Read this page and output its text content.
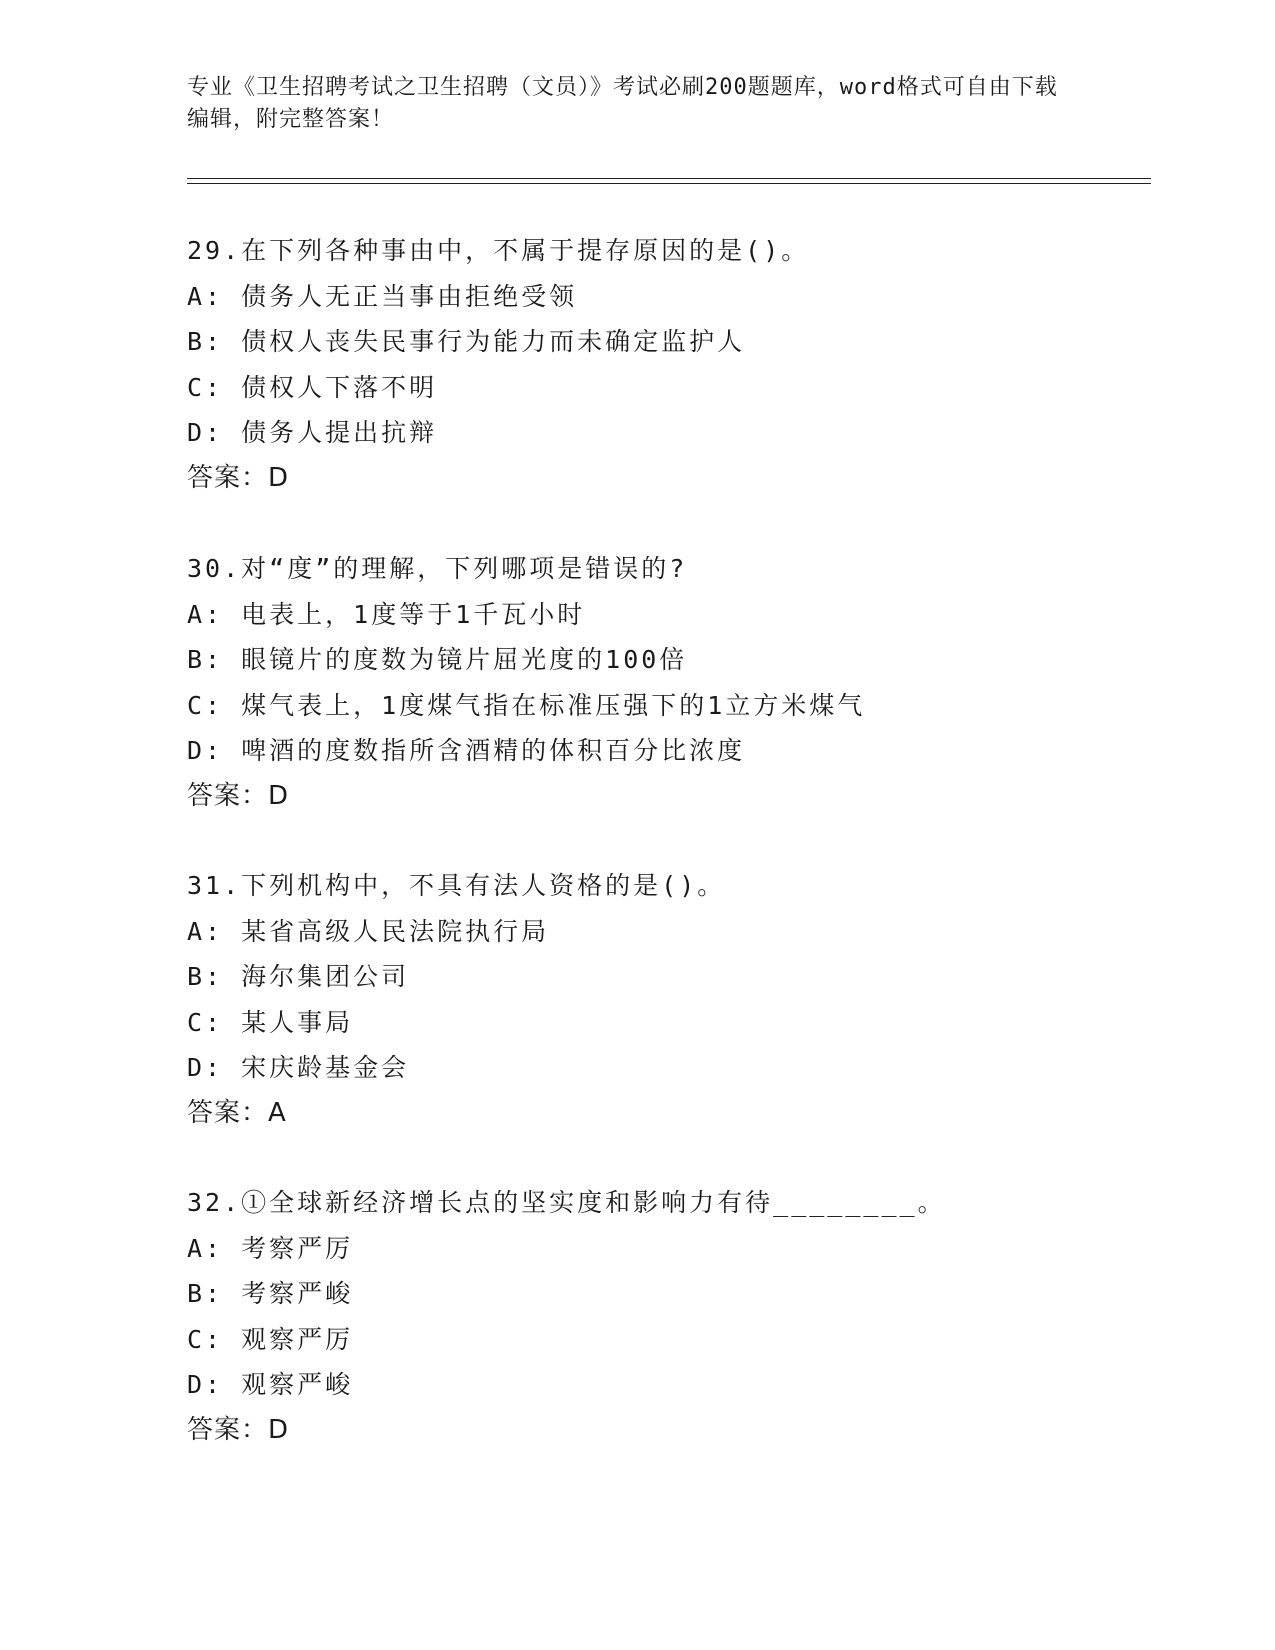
专业《卫生招聘考试之卫生招聘（文员）》考试必刷200题题库，word格式可自由下载编辑，附完整答案！
29.在下列各种事由中，不属于提存原因的是()。
A: 债务人无正当事由拒绝受领
B: 债权人丧失民事行为能力而未确定监护人
C: 债权人下落不明
D: 债务人提出抗辩
答案：D
30.对“度”的理解，下列哪项是错误的?
A: 电表上，1度等于1千瓦小时
B: 眼镜片的度数为镜片屈光度的100倍
C: 煤气表上，1度煤气指在标准压强下的1立方米煤气
D: 啤酒的度数指所含酒精的体积百分比浓度
答案：D
31.下列机构中，不具有法人资格的是()。
A: 某省高级人民法院执行局
B: 海尔集团公司
C: 某人事局
D: 宋庆龄基金会
答案：A
32.①全球新经济增长点的坚实度和影响力有待________。
A: 考察严厉
B: 考察严峻
C: 观察严厉
D: 观察严峻
答案：D
